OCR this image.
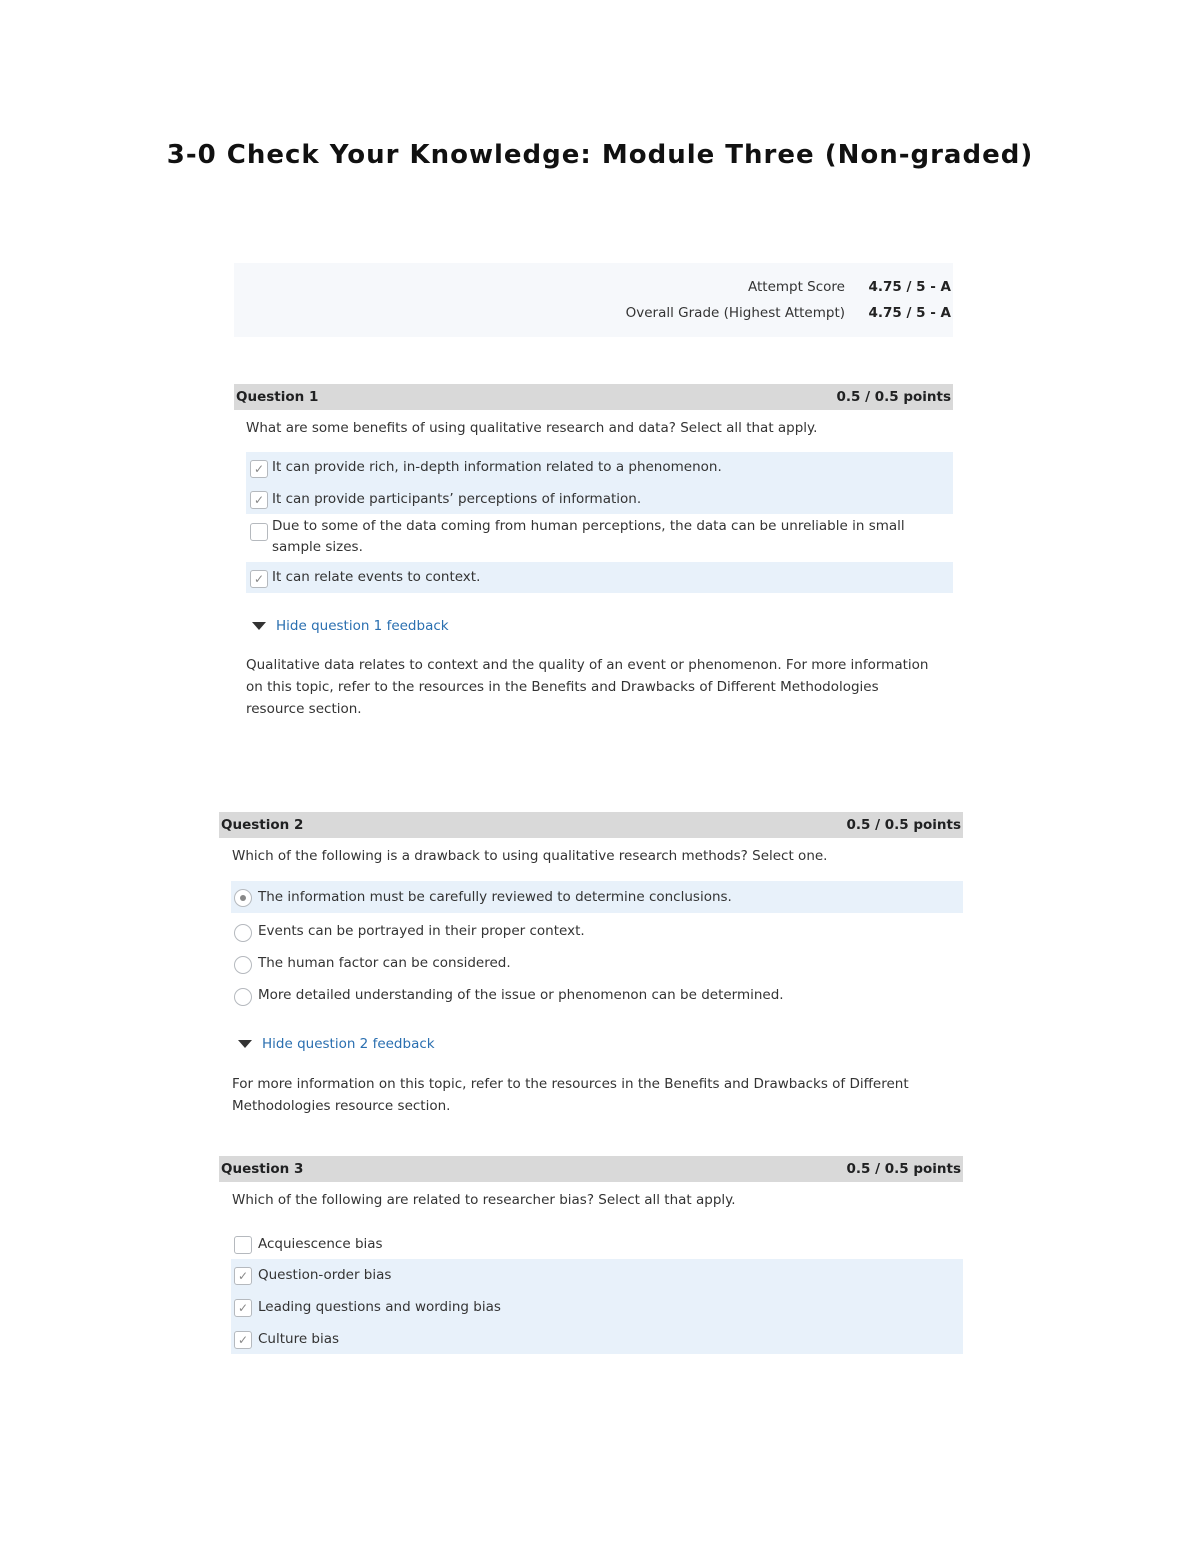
3-0 Check Your Knowledge: Module Three (Non-graded)
Attempt Score 4.75 / 5 - A
Overall Grade (Highest Attempt) 4.75 / 5 - A
Question 1	0.5 / 0.5 points
What are some benefits of using qualitative research and data? Select all that apply.
✓
It can provide rich, in-depth information related to a phenomenon.
✓
It can provide participants’ perceptions of information.
Due to some of the data coming from human perceptions, the data can be unreliable in small sample sizes.
✓
It can relate events to context.
Hide question 1 feedback
Qualitative data relates to context and the quality of an event or phenomenon. For more information on this topic, refer to the resources in the Benefits and Drawbacks of Different Methodologies resource section.
Question 2	0.5 / 0.5 points
Which of the following is a drawback to using qualitative research methods? Select one.
The information must be carefully reviewed to determine conclusions.
Events can be portrayed in their proper context.
The human factor can be considered.
More detailed understanding of the issue or phenomenon can be determined.
Hide question 2 feedback
For more information on this topic, refer to the resources in the Benefits and Drawbacks of Different Methodologies resource section.
Question 3	0.5 / 0.5 points
Which of the following are related to researcher bias? Select all that apply.
Acquiescence bias
✓
Question-order bias
✓
Leading questions and wording bias
✓
Culture bias
